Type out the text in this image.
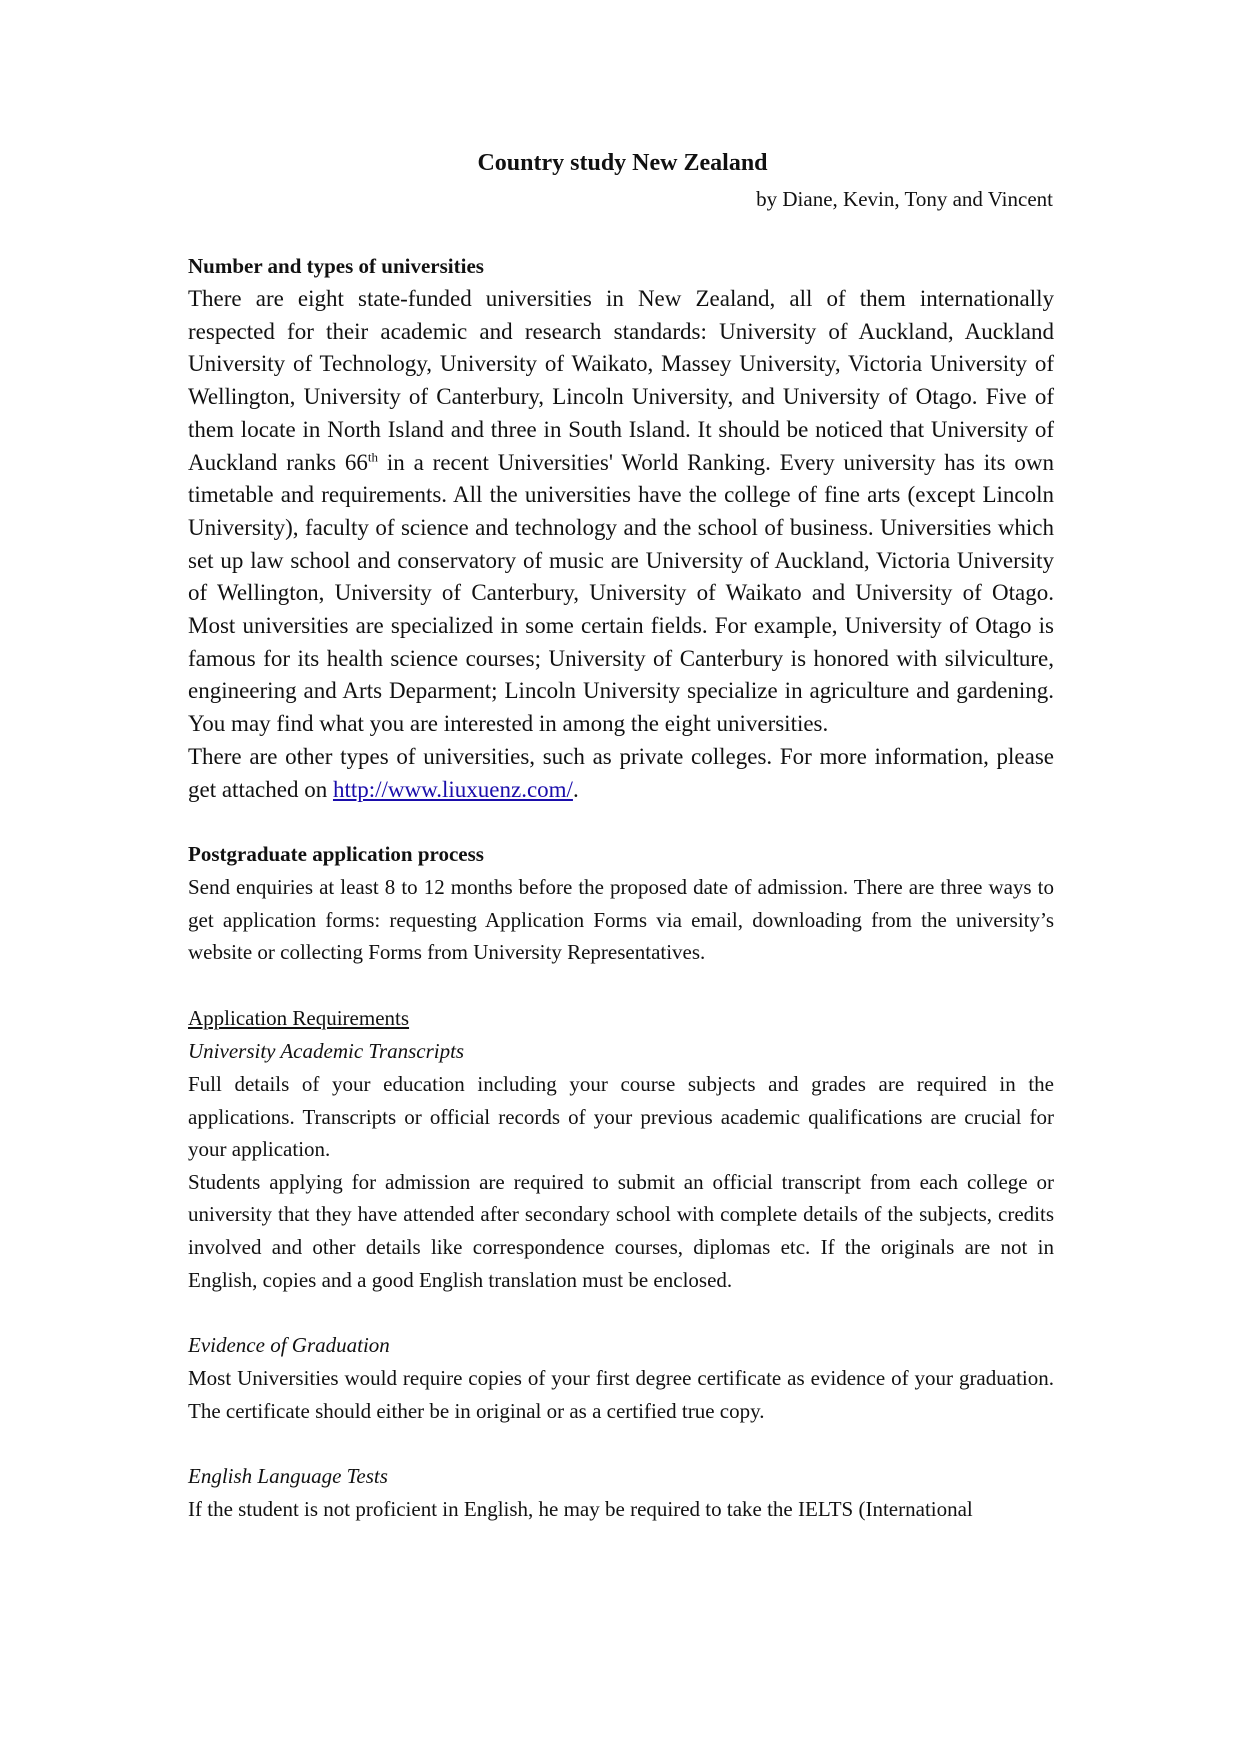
Country study New Zealand

by Diane, Kevin, Tony and Vincent

Number and types of universities

There are eight state-funded universities in New Zealand, all of them internationally respected for their academic and research standards: University of Auckland, Auckland University of Technology, University of Waikato, Massey University, Victoria University of Wellington, University of Canterbury, Lincoln University, and University of Otago. Five of them locate in North Island and three in South Island. It should be noticed that University of Auckland ranks 66th in a recent Universities' World Ranking. Every university has its own timetable and requirements. All the universities have the college of fine arts (except Lincoln University), faculty of science and technology and the school of business. Universities which set up law school and conservatory of music are University of Auckland, Victoria University of Wellington, University of Canterbury, University of Waikato and University of Otago. Most universities are specialized in some certain fields. For example, University of Otago is famous for its health science courses; University of Canterbury is honored with silviculture, engineering and Arts Deparment; Lincoln University specialize in agriculture and gardening. You may find what you are interested in among the eight universities.

There are other types of universities, such as private colleges. For more information, please get attached on http://www.liuxuenz.com/.

Postgraduate application process

Send enquiries at least 8 to 12 months before the proposed date of admission. There are three ways to get application forms: requesting Application Forms via email, downloading from the university’s website or collecting Forms from University Representatives.

Application Requirements

University Academic Transcripts

Full details of your education including your course subjects and grades are required in the applications. Transcripts or official records of your previous academic qualifications are crucial for your application.

Students applying for admission are required to submit an official transcript from each college or university that they have attended after secondary school with complete details of the subjects, credits involved and other details like correspondence courses, diplomas etc. If the originals are not in English, copies and a good English translation must be enclosed.

Evidence of Graduation

Most Universities would require copies of your first degree certificate as evidence of your graduation. The certificate should either be in original or as a certified true copy.

English Language Tests

If the student is not proficient in English, he may be required to take the IELTS (International
